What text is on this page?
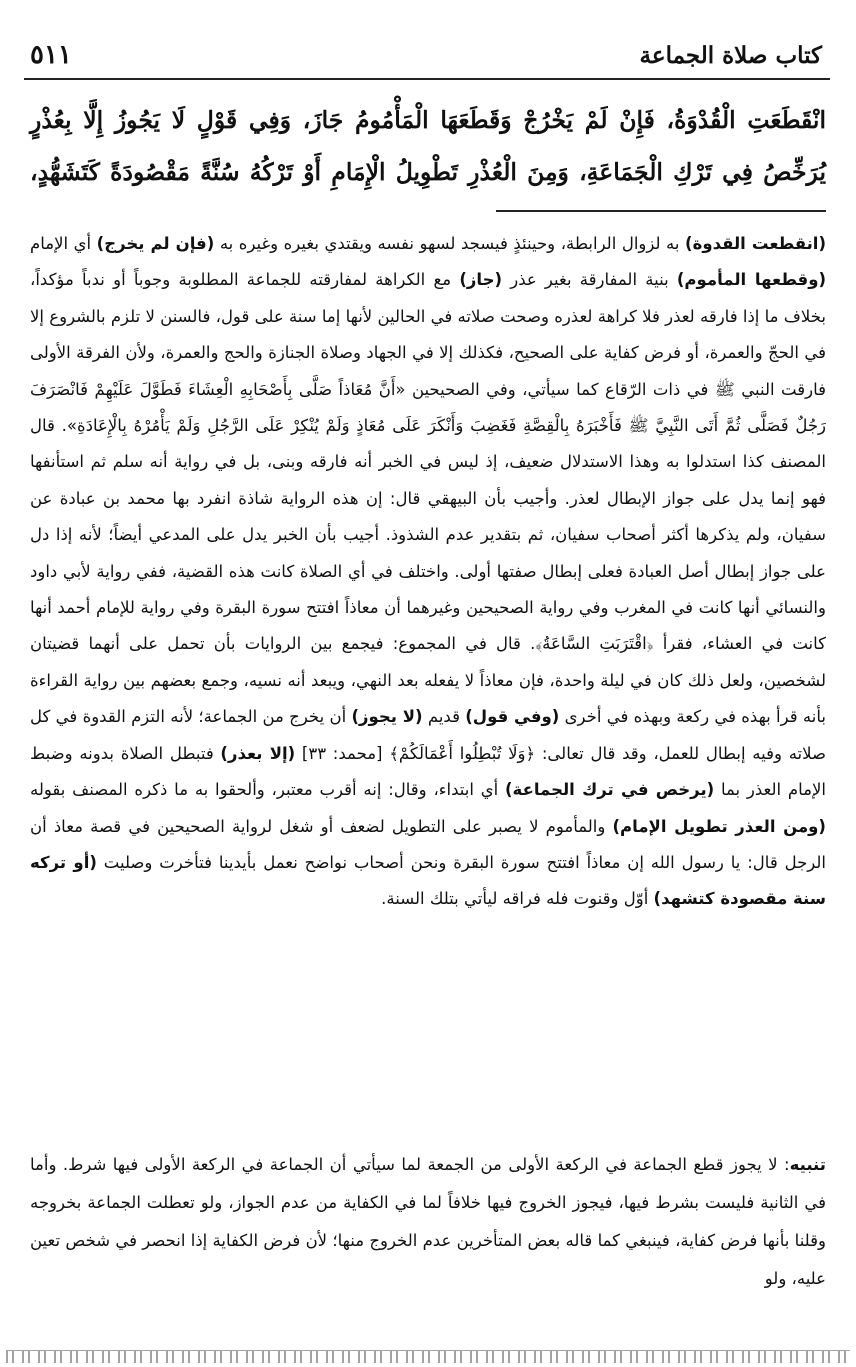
٥١١	كتاب صلاة الجماعة
انْقَطَعَتِ الْقُدْوَةُ، فَإِنْ لَمْ يَخْرُجْ وَقَطَعَهَا الْمَأْمُومُ جَازَ، وَفِي قَوْلٍ لَا يَجُوزُ إِلَّا بِعُذْرٍ يُرَخِّصُ فِي تَرْكِ الْجَمَاعَةِ، وَمِنَ الْعُذْرِ تَطْوِيلُ الْإِمَامِ أَوْ تَرْكُهُ سُنَّةً مَقْصُودَةً كَتَشَهُّدٍ،

(انقطعت القدوة) به لزوال الرابطة، وحينئذٍ فيسجد لسهو نفسه ويقتدي بغيره وغيره به (فإن لم يخرج) أي الإمام (وقطعها المأموم) بنية المفارقة بغير عذر (جاز) مع الكراهة لمفارقته للجماعة المطلوبة وجوباً أو ندباً مؤكداً، بخلاف ما إذا فارقه لعذر فلا كراهة لعذره وصحت صلاته في الحالين لأنها إما سنة على قول، فالسنن لا تلزم بالشروع إلا في الحجّ والعمرة، أو فرض كفاية على الصحيح، فكذلك إلا في الجهاد وصلاة الجنازة والحج والعمرة، ولأن الفرقة الأولى فارقت النبي ﷺ في ذات الرّقاع كما سيأتي، وفي الصحيحين «أَنَّ مُعَاذاً صَلَّى بِأَصْحَابِهِ الْعِشَاءَ فَطَوَّلَ عَلَيْهِمْ فَانْصَرَفَ رَجُلٌ فَصَلَّى ثُمَّ أَتَى النَّبِيَّ ﷺ فَأَخْبَرَهُ بِالْقِصَّةِ فَغَضِبَ وَأَنْكَرَ عَلَى مُعَاذٍ وَلَمْ يُنْكِرْ عَلَى الرَّجُلِ وَلَمْ يَأْمُرْهُ بِالْإِعَادَةِ». قال المصنف كذا استدلوا به وهذا الاستدلال ضعيف، إذ ليس في الخبر أنه فارقه وبنى، بل في رواية أنه سلم ثم استأنفها فهو إنما يدل على جواز الإبطال لعذر. وأجيب بأن البيهقي قال: إن هذه الرواية شاذة انفرد بها محمد بن عبادة عن سفيان، ولم يذكرها أكثر أصحاب سفيان، ثم بتقدير عدم الشذوذ. أجيب بأن الخبر يدل على المدعي أيضاً؛ لأنه إذا دل على جواز إبطال أصل العبادة فعلى إبطال صفتها أولى. واختلف في أي الصلاة كانت هذه القضية، ففي رواية لأبي داود والنسائي أنها كانت في المغرب وفي رواية الصحيحين وغيرهما أن معاذاً افتتح سورة البقرة وفي رواية للإمام أحمد أنها كانت في العشاء، فقرأ ﴿اقْتَرَبَتِ السَّاعَةُ﴾. قال في المجموع: فيجمع بين الروايات بأن تحمل على أنهما قضيتان لشخصين، ولعل ذلك كان في ليلة واحدة، فإن معاذاً لا يفعله بعد النهي، ويبعد أنه نسيه، وجمع بعضهم بين رواية القراءة بأنه قرأ بهذه في ركعة وبهذه في أخرى (وفي قول) قديم (لا يجوز) أن يخرج من الجماعة؛ لأنه التزم القدوة في كل صلاته وفيه إبطال للعمل، وقد قال تعالى: ﴿وَلَا تُبْطِلُوا أَعْمَالَكُمْ﴾ [محمد: ٣٣] (إلا بعذر) فتبطل الصلاة بدونه وضبط الإمام العذر بما (يرخص في ترك الجماعة) أي ابتداء، وقال: إنه أقرب معتبر، وألحقوا به ما ذكره المصنف بقوله (ومن العذر تطويل الإمام) والمأموم لا يصبر على التطويل لضعف أو شغل لرواية الصحيحين في قصة معاذ أن الرجل قال: يا رسول الله إن معاذاً افتتح سورة البقرة ونحن أصحاب نواضح نعمل بأيدينا فتأخرت وصليت (أو تركه سنة مقصودة كتشهد) أوّل وقنوت فله فراقه ليأتي بتلك السنة.

تنبيه: لا يجوز قطع الجماعة في الركعة الأولى من الجمعة لما سيأتي أن الجماعة في الركعة الأولى فيها شرط. وأما في الثانية فليست بشرط فيها، فيجوز الخروج فيها خلافاً لما في الكفاية من عدم الجواز، ولو تعطلت الجماعة بخروجه وقلنا بأنها فرض كفاية، فينبغي كما قاله بعض المتأخرين عدم الخروج منها؛ لأن فرض الكفاية إذا انحصر في شخص تعين عليه، ولو
